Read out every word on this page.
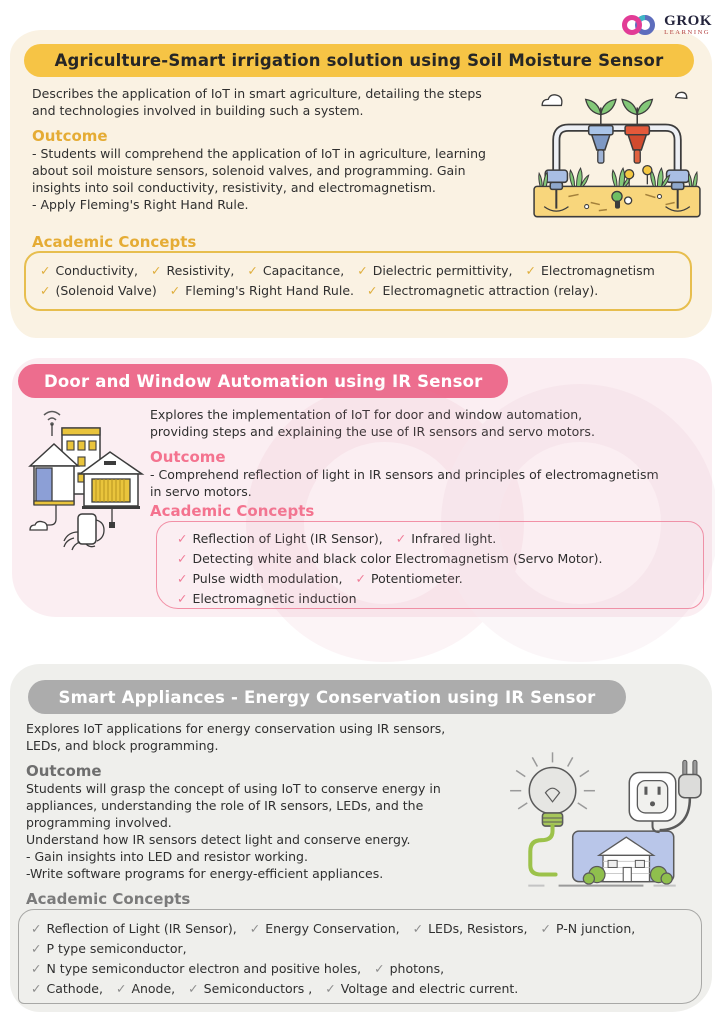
GROK
LEARNING
Agriculture-Smart irrigation solution using Soil Moisture Sensor
Describes the application of IoT in smart agriculture, detailing the steps
and technologies involved in building such a system.
Outcome
- Students will comprehend the application of IoT in agriculture, learning
about soil moisture sensors, solenoid valves, and programming. Gain
insights into soil conductivity, resistivity, and electromagnetism.
- Apply Fleming's Right Hand Rule.
Academic Concepts
✓ Conductivity, ✓ Resistivity, ✓ Capacitance, ✓ Dielectric permittivity, ✓ Electromagnetism
✓ (Solenoid Valve) ✓ Fleming's Right Hand Rule. ✓ Electromagnetic attraction (relay).
Door and Window Automation using IR Sensor
Explores the implementation of IoT for door and window automation,
providing steps and explaining the use of IR sensors and servo motors.
Outcome
- Comprehend reflection of light in IR sensors and principles of electromagnetism
in servo motors.
Academic Concepts
✓ Reflection of Light (IR Sensor), ✓ Infrared light.
✓ Detecting white and black color Electromagnetism (Servo Motor).
✓ Pulse width modulation, ✓ Potentiometer.
✓ Electromagnetic induction
Smart Appliances - Energy Conservation using IR Sensor
Explores IoT applications for energy conservation using IR sensors,
LEDs, and block programming.
Outcome
Students will grasp the concept of using IoT to conserve energy in
appliances, understanding the role of IR sensors, LEDs, and the
programming involved.
Understand how IR sensors detect light and conserve energy.
- Gain insights into LED and resistor working.
-Write software programs for energy-efficient appliances.
Academic Concepts
✓ Reflection of Light (IR Sensor), ✓ Energy Conservation, ✓ LEDs, Resistors, ✓ P-N junction,
✓ P type semiconductor,
✓ N type semiconductor electron and positive holes, ✓ photons,
✓ Cathode, ✓ Anode, ✓ Semiconductors , ✓ Voltage and electric current.
